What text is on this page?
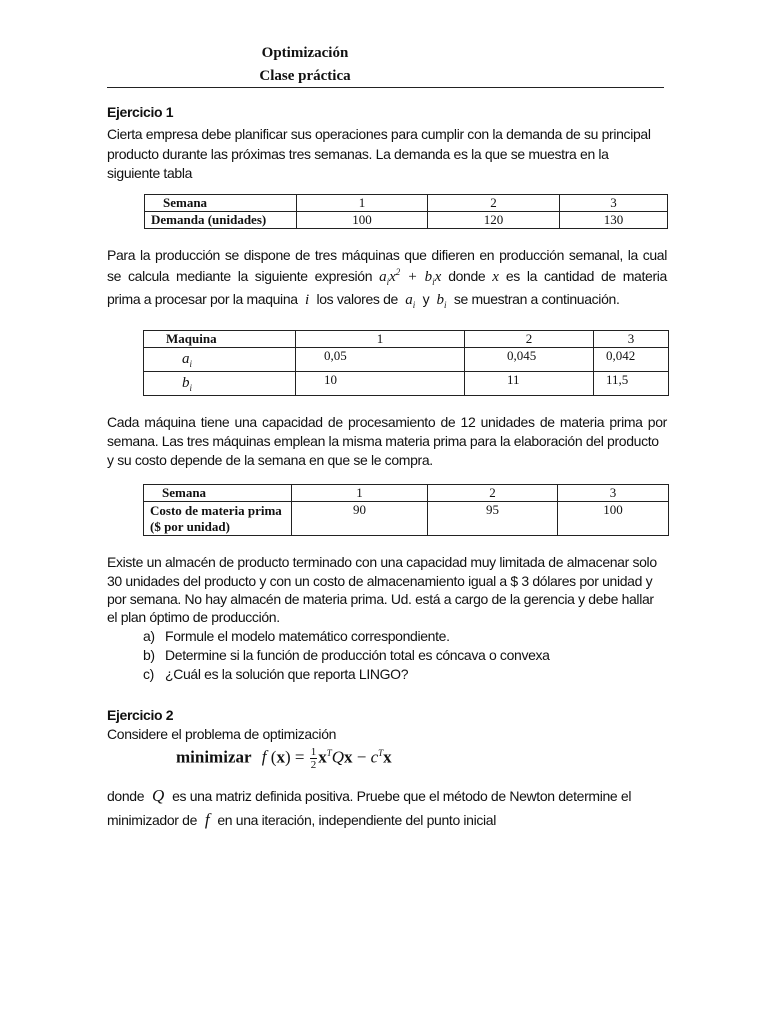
Optimización
Clase práctica
Ejercicio 1
Cierta empresa debe planificar sus operaciones para cumplir con la demanda de su principal
producto durante las próximas tres semanas. La demanda es la que se muestra en la
siguiente tabla
Semana	1	2	3
Demanda (unidades)	100	120	130
Para la producción se dispone de tres máquinas que difieren en producción semanal, la cual
se calcula mediante la siguiente expresión $a_ix^2 + b_ix$ donde x es la cantidad de materia
prima a procesar por la maquina  i  los valores de  $a_i$ y  $b_i$ se muestran a continuación.
Maquina	1	2	3
$a_i$	0,05	0,045	0,042
$b_i$	10	11	11,5
Cada máquina tiene una capacidad de procesamiento de 12 unidades de materia prima por
semana. Las tres máquinas emplean la misma materia prima para la elaboración del producto
y su costo depende de la semana en que se le compra.
Semana	1	2	3

Costo de materia prima
($ por unidad)	90	95	100
Existe un almacén de producto terminado con una capacidad muy limitada de almacenar solo
30 unidades del producto y con un costo de almacenamiento igual a $ 3 dólares por unidad y
por semana. No hay almacén de materia prima. Ud. está a cargo de la gerencia y debe hallar
el plan óptimo de producción.
a) Formule el modelo matemático correspondiente.
b) Determine si la función de producción total es cóncava o convexa
c) ¿Cuál es la solución que reporta LINGO?
Ejercicio 2
Considere el problema de optimización
minimizar f $(x) = \frac{1}{2} x^TQx - c^Tx$
donde  Q  es una matriz definida positiva. Pruebe que el método de Newton determine el
minimizador de  f  en una iteración, independiente del punto inicial
